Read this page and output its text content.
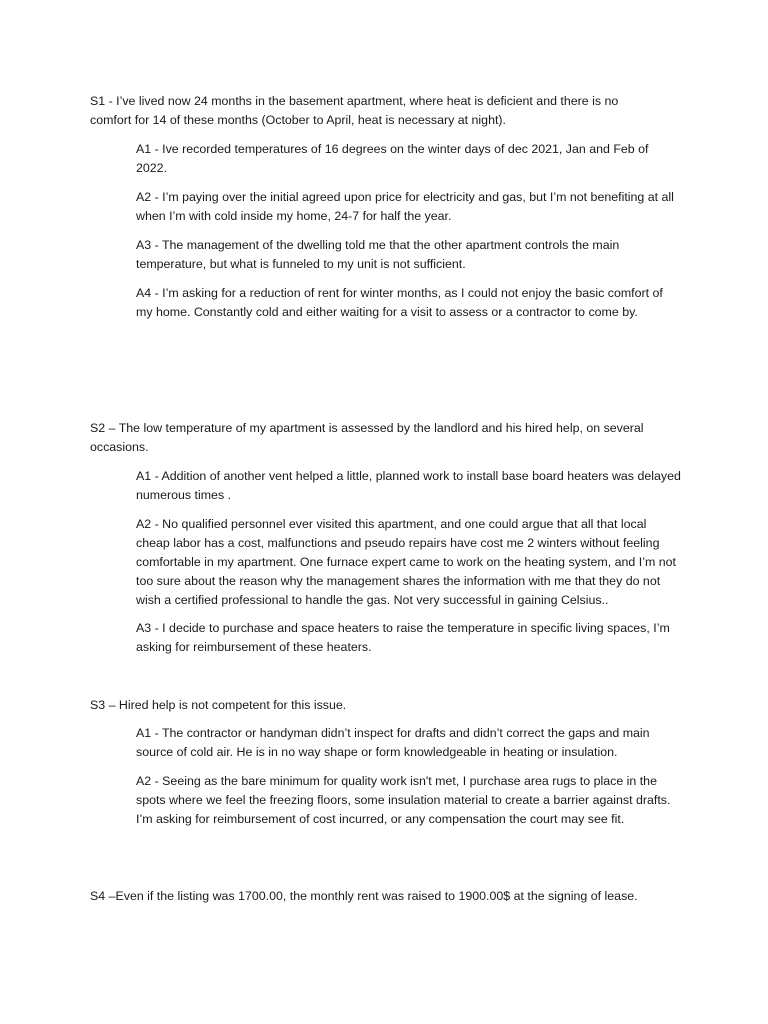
S1 - I’ve lived now 24 months in the basement apartment, where heat is deficient and there is no comfort for 14 of these months (October to April, heat is necessary at night).

A1 - Ive recorded temperatures of 16 degrees on the winter days of dec 2021, Jan and Feb of 2022.

A2 - I’m paying over the initial agreed upon price for electricity and gas, but I’m not benefiting at all when I’m with cold inside my home, 24-7 for half the year.

A3 - The management of the dwelling told me that the other apartment controls the main temperature, but what is funneled to my unit is not sufficient.

A4 - I’m asking for a reduction of rent for winter months, as I could not enjoy the basic comfort of my home. Constantly cold and either waiting for a visit to assess or a contractor to come by.

S2 – The low temperature of my apartment is assessed by the landlord and his hired help, on several occasions.

A1 - Addition of another vent helped a little, planned work to install base board heaters was delayed numerous times .

A2 - No qualified personnel ever visited this apartment, and one could argue that all that local cheap labor has a cost, malfunctions and pseudo repairs have cost me 2 winters without feeling comfortable in my apartment. One furnace expert came to work on the heating system, and I’m not too sure about the reason why the management shares the information with me that they do not wish a certified professional to handle the gas. Not very successful in gaining Celsius..

A3 - I decide to purchase and space heaters to raise the temperature in specific living spaces, I’m asking for reimbursement of these heaters.

S3 – Hired help is not competent for this issue.

A1 - The contractor or handyman didn’t inspect for drafts and didn’t correct the gaps and main source of cold air. He is in no way shape or form knowledgeable in heating or insulation.

A2 - Seeing as the bare minimum for quality work isn't met, I purchase area rugs to place in the spots where we feel the freezing floors, some insulation material to create a barrier against drafts. I’m asking for reimbursement of cost incurred, or any compensation the court may see fit.

S4 –Even if the listing was 1700.00, the monthly rent was raised to 1900.00$ at the signing of lease.
